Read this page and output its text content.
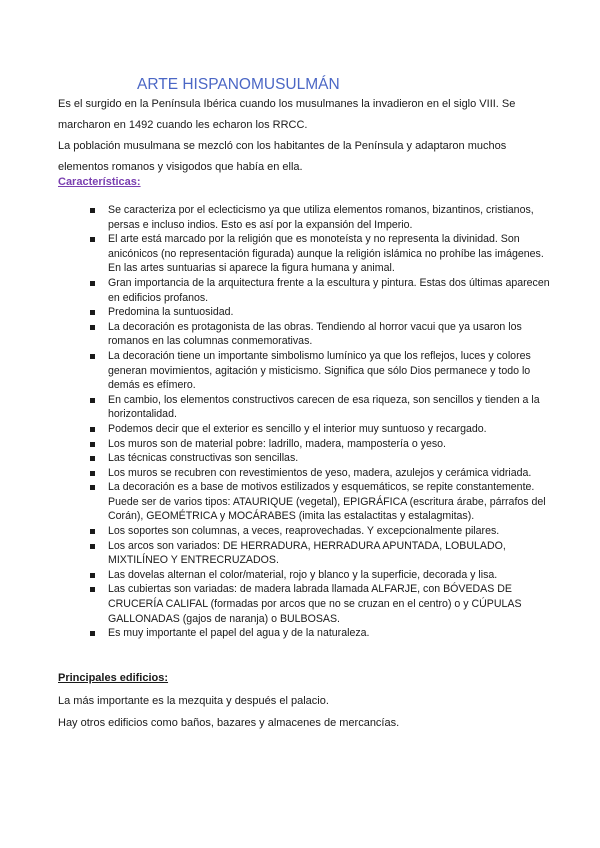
ARTE HISPANOMUSULMÁN

Es el surgido en la Península Ibérica cuando los musulmanes la invadieron en el siglo VIII. Se marcharon en 1492 cuando les echaron los RRCC.

La población musulmana se mezcló con los habitantes de la Península y adaptaron muchos elementos romanos y visigodos que había en ella.

Características:
Se caracteriza por el eclecticismo ya que utiliza elementos romanos, bizantinos, cristianos, persas e incluso indios. Esto es así por la expansión del Imperio.
El arte está marcado por la religión que es monoteísta y no representa la divinidad. Son anicónicos (no representación figurada) aunque la religión islámica no prohíbe las imágenes. En las artes suntuarias si aparece la figura humana y animal.
Gran importancia de la arquitectura frente a la escultura y pintura. Estas dos últimas aparecen en edificios profanos.
Predomina la suntuosidad.
La decoración es protagonista de las obras. Tendiendo al horror vacui que ya usaron los romanos en las columnas conmemorativas.
La decoración tiene un importante simbolismo lumínico ya que los reflejos, luces y colores generan movimientos, agitación y misticismo. Significa que sólo Dios permanece y todo lo demás es efímero.
En cambio, los elementos constructivos carecen de esa riqueza, son sencillos y tienden a la horizontalidad.
Podemos decir que el exterior es sencillo y el interior muy suntuoso y recargado.
Los muros son de material pobre: ladrillo, madera, mampostería o yeso.
Las técnicas constructivas son sencillas.
Los muros se recubren con revestimientos de yeso, madera, azulejos y cerámica vidriada.
La decoración es a base de motivos estilizados y esquemáticos, se repite constantemente. Puede ser de varios tipos: ATAURIQUE (vegetal), EPIGRÁFICA (escritura árabe, párrafos del Corán), GEOMÉTRICA y MOCÁRABES (imita las estalactitas y estalagmitas).
Los soportes son columnas, a veces, reaprovechadas. Y excepcionalmente pilares.
Los arcos son variados: DE HERRADURA, HERRADURA APUNTADA, LOBULADO, MIXTILÍNEO Y ENTRECRUZADOS.
Las dovelas alternan el color/material, rojo y blanco y la superficie, decorada y lisa.
Las cubiertas son variadas: de madera labrada llamada ALFARJE, con BÓVEDAS DE CRUCERÍA CALIFAL (formadas por arcos que no se cruzan en el centro) o y CÚPULAS GALLONADAS (gajos de naranja) o BULBOSAS.
Es muy importante el papel del agua y de la naturaleza.
Principales edificios:

La más importante es la mezquita y después el palacio.

Hay otros edificios como baños, bazares y almacenes de mercancías.
